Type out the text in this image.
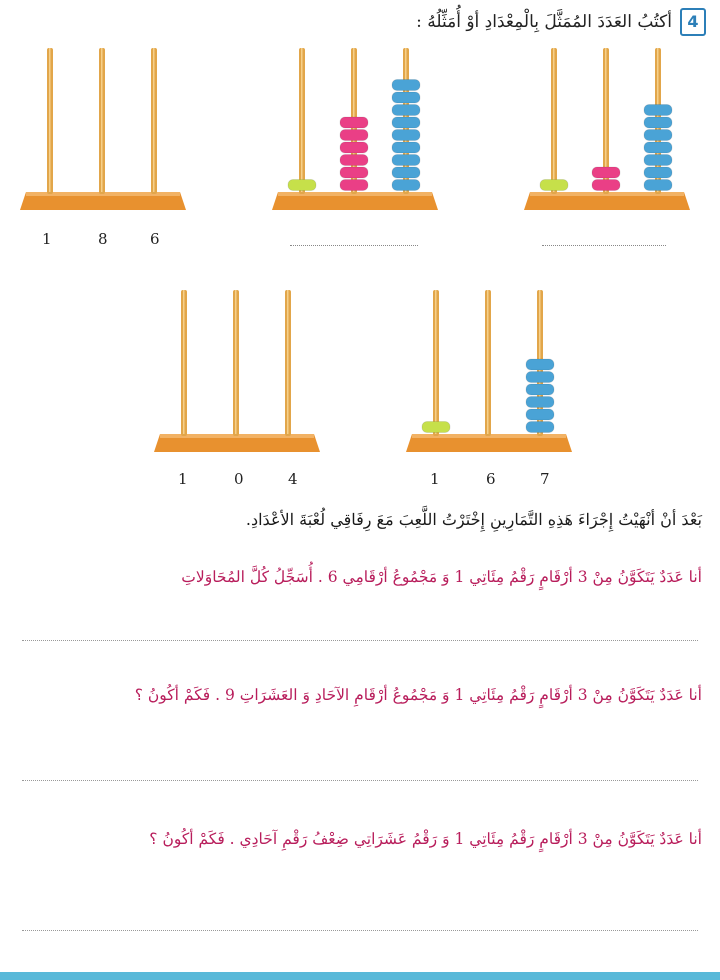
4
أكتُبُ العَدَدَ المُمَثَّلَ بِالْمِعْدَادِ أوْ أُمَثِّلُهُ :
1	8	6
1	0	4	1	6	7
بَعْدَ أنْ أنْهَيْتُ إِجْرَاءَ هَذِهِ التَّمَارِينِ إِخْتَرْتُ اللَّعِبَ مَعَ رِفَاقِي لُعْبَةَ الأعْدَادِ.
أنا عَدَدٌ يَتَكَوَّنُ مِنْ 3 أرْقَامٍ رَقْمُ مِئَاتِي 1 وَ مَجْمُوعُ أرْقَامِي 6 . أُسَجِّلُ كُلَّ المُحَاوَلاتِ
أنا عَدَدٌ يَتَكَوَّنُ مِنْ 3 أرْقَامٍ رَقْمُ مِئَاتِي 1 وَ مَجْمُوعُ أرْقَامِ الآحَادِ وَ العَشَرَاتِ 9 . فَكَمْ أكُونُ ؟
أنا عَدَدٌ يَتَكَوَّنُ مِنْ 3 أرْقَامٍ رَقْمُ مِئَاتِي 1 وَ رَقْمُ عَشَرَاتِي ضِعْفُ رَقْمِ آحَادِي . فَكَمْ أكُونُ ؟
